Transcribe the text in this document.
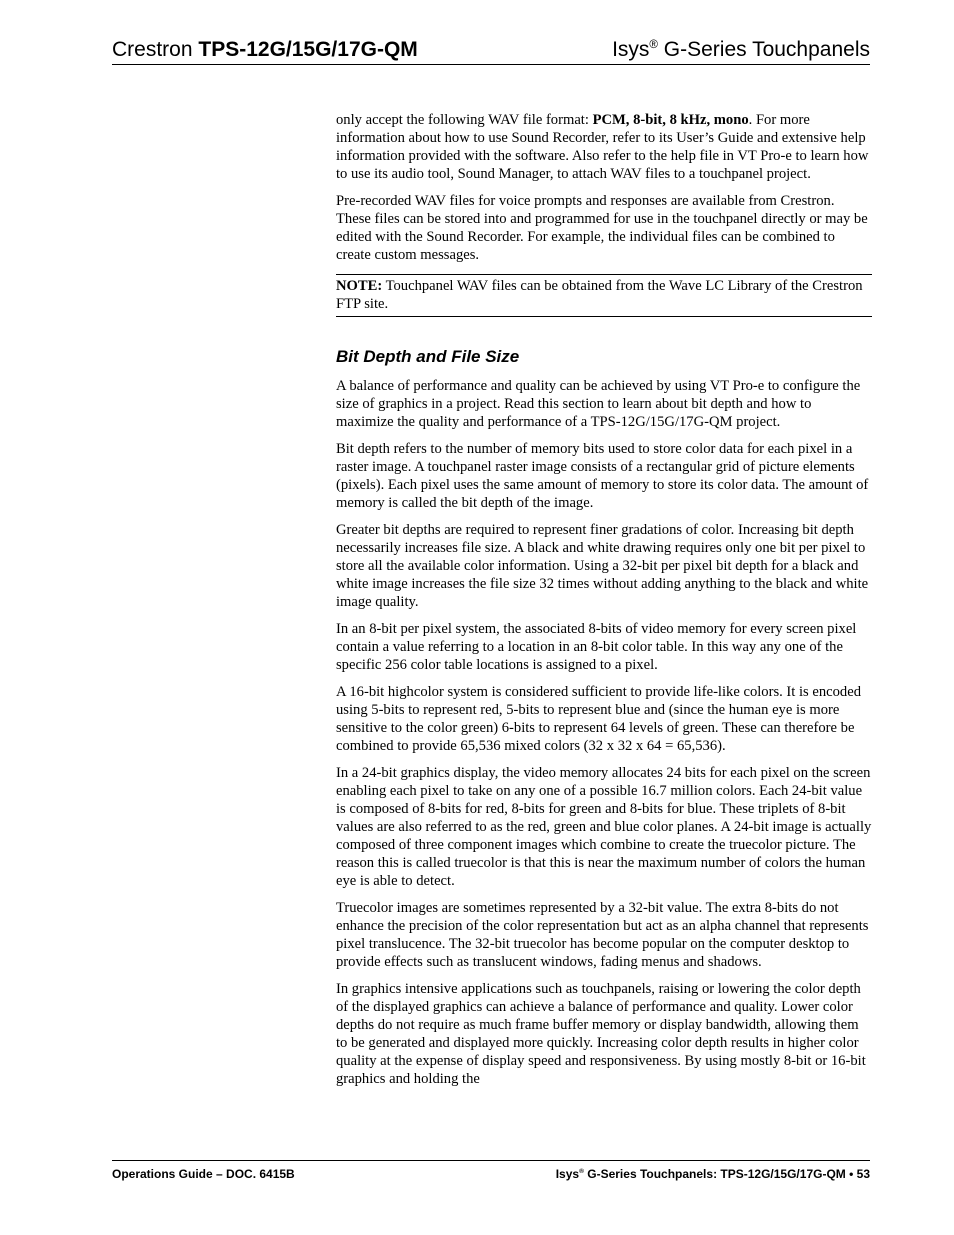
Crestron TPS-12G/15G/17G-QM	Isys® G-Series Touchpanels

only accept the following WAV file format: PCM, 8-bit, 8 kHz, mono. For more information about how to use Sound Recorder, refer to its User’s Guide and extensive help information provided with the software. Also refer to the help file in VT Pro-e to learn how to use its audio tool, Sound Manager, to attach WAV files to a touchpanel project.

Pre-recorded WAV files for voice prompts and responses are available from Crestron. These files can be stored into and programmed for use in the touchpanel directly or may be edited with the Sound Recorder. For example, the individual files can be combined to create custom messages.

NOTE: Touchpanel WAV files can be obtained from the Wave LC Library of the Crestron FTP site.
Bit Depth and File Size

A balance of performance and quality can be achieved by using VT Pro-e to configure the size of graphics in a project. Read this section to learn about bit depth and how to maximize the quality and performance of a TPS-12G/15G/17G-QM project.

Bit depth refers to the number of memory bits used to store color data for each pixel in a raster image. A touchpanel raster image consists of a rectangular grid of picture elements (pixels). Each pixel uses the same amount of memory to store its color data. The amount of memory is called the bit depth of the image.

Greater bit depths are required to represent finer gradations of color. Increasing bit depth necessarily increases file size. A black and white drawing requires only one bit per pixel to store all the available color information. Using a 32-bit per pixel bit depth for a black and white image increases the file size 32 times without adding anything to the black and white image quality.

In an 8-bit per pixel system, the associated 8-bits of video memory for every screen pixel contain a value referring to a location in an 8-bit color table. In this way any one of the specific 256 color table locations is assigned to a pixel.

A 16-bit highcolor system is considered sufficient to provide life-like colors. It is encoded using 5-bits to represent red, 5-bits to represent blue and (since the human eye is more sensitive to the color green) 6-bits to represent 64 levels of green. These can therefore be combined to provide 65,536 mixed colors (32 x 32 x 64 = 65,536).

In a 24-bit graphics display, the video memory allocates 24 bits for each pixel on the screen enabling each pixel to take on any one of a possible 16.7 million colors. Each 24-bit value is composed of 8-bits for red, 8-bits for green and 8-bits for blue. These triplets of 8-bit values are also referred to as the red, green and blue color planes. A 24-bit image is actually composed of three component images which combine to create the truecolor picture. The reason this is called truecolor is that this is near the maximum number of colors the human eye is able to detect.

Truecolor images are sometimes represented by a 32-bit value. The extra 8-bits do not enhance the precision of the color representation but act as an alpha channel that represents pixel translucence. The 32-bit truecolor has become popular on the computer desktop to provide effects such as translucent windows, fading menus and shadows.

In graphics intensive applications such as touchpanels, raising or lowering the color depth of the displayed graphics can achieve a balance of performance and quality. Lower color depths do not require as much frame buffer memory or display bandwidth, allowing them to be generated and displayed more quickly. Increasing color depth results in higher color quality at the expense of display speed and responsiveness. By using mostly 8-bit or 16-bit graphics and holding the

Operations Guide – DOC. 6415B	Isys® G-Series Touchpanels: TPS-12G/15G/17G-QM • 53
